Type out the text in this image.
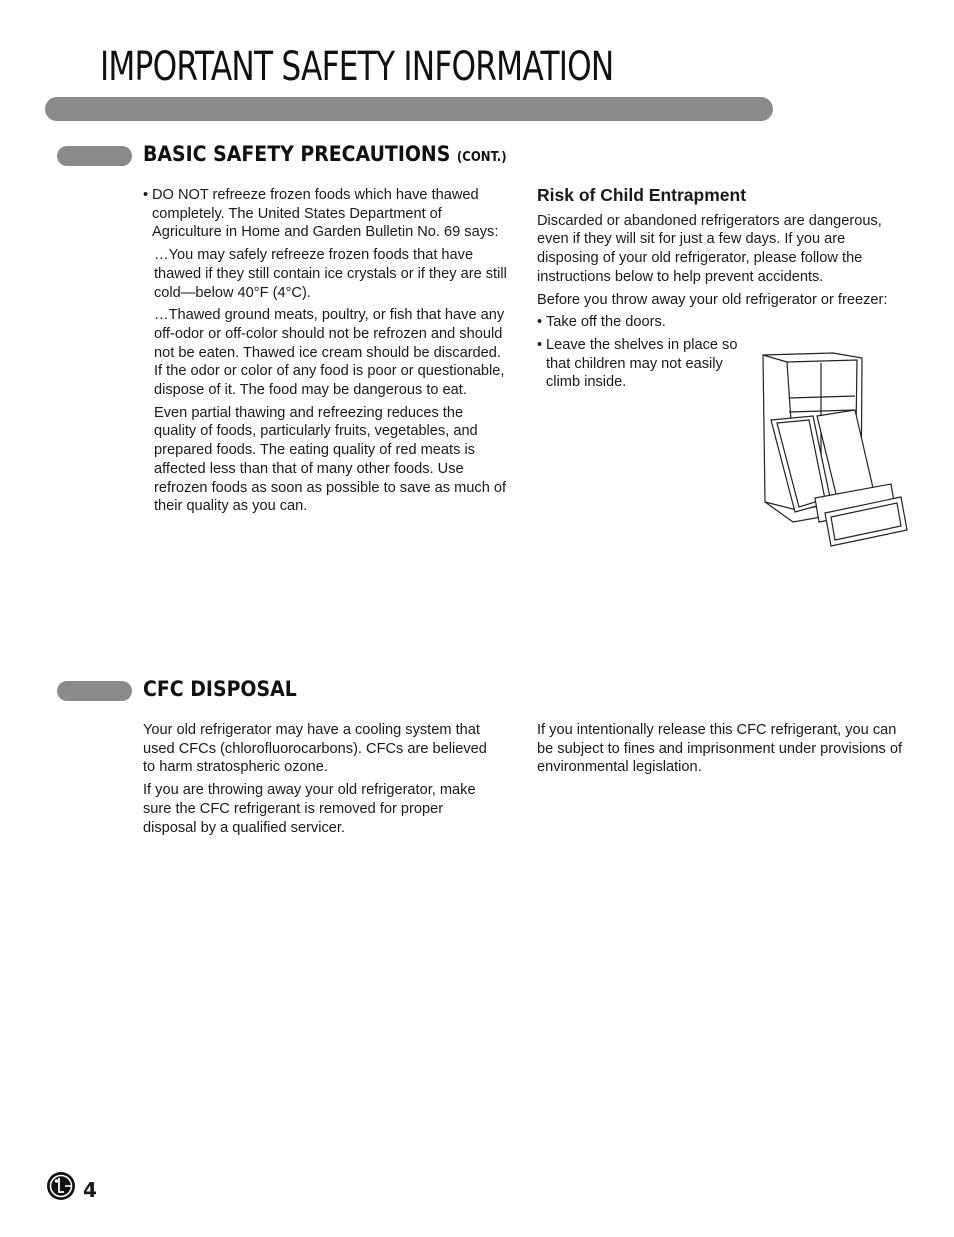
IMPORTANT SAFETY INFORMATION
BASIC SAFETY PRECAUTIONS (CONT.)
• DO NOT refreeze frozen foods which have thawed completely. The United States Department of Agriculture in Home and Garden Bulletin No. 69 says:

…You may safely refreeze frozen foods that have thawed if they still contain ice crystals or if they are still cold—below 40°F (4°C).

…Thawed ground meats, poultry, or fish that have any off-odor or off-color should not be refrozen and should not be eaten. Thawed ice cream should be discarded. If the odor or color of any food is poor or questionable, dispose of it. The food may be dangerous to eat.

Even partial thawing and refreezing reduces the quality of foods, particularly fruits, vegetables, and prepared foods. The eating quality of red meats is affected less than that of many other foods. Use refrozen foods as soon as possible to save as much of their quality as you can.

Risk of Child Entrapment

Discarded or abandoned refrigerators are dangerous, even if they will sit for just a few days. If you are disposing of your old refrigerator, please follow the instructions below to help prevent accidents.

Before you throw away your old refrigerator or freezer:

• Take off the doors.

• Leave the shelves in place so that children may not easily climb inside.

CFC DISPOSAL

Your old refrigerator may have a cooling system that used CFCs (chlorofluorocarbons). CFCs are believed to harm stratospheric ozone.

If you are throwing away your old refrigerator, make sure the CFC refrigerant is removed for proper disposal by a qualified servicer.

If you intentionally release this CFC refrigerant, you can be subject to fines and imprisonment under provisions of environmental legislation.

4
